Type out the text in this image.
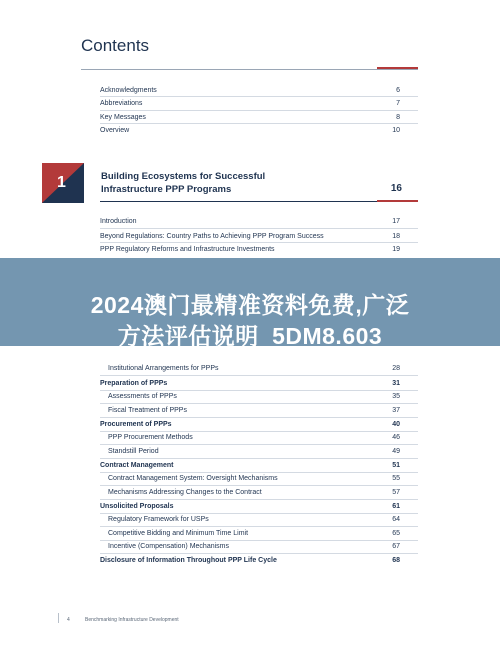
Contents
Acknowledgments	6
Abbreviations	7
Key Messages	8
Overview	10
1	Building Ecosystems for Successful
Infrastructure PPP Programs	16
Introduction	17
Beyond Regulations: Country Paths to Achieving PPP Program Success	18
PPP Regulatory Reforms and Infrastructure Investments	19
2024澳门最精准资料免费,广泛
方法评估说明_5DM8.603
Institutional Arrangements for PPPs	28
Preparation of PPPs	31
Assessments of PPPs	35
Fiscal Treatment of PPPs	37
Procurement of PPPs	40
PPP Procurement Methods	46
Standstill Period	49
Contract Management	51
Contract Management System: Oversight Mechanisms	55
Mechanisms Addressing Changes to the Contract	57
Unsolicited Proposals	61
Regulatory Framework for USPs	64
Competitive Bidding and Minimum Time Limit	65
Incentive (Compensation) Mechanisms	67
Disclosure of Information Throughout PPP Life Cycle	68
4	Benchmarking Infrastructure Development
